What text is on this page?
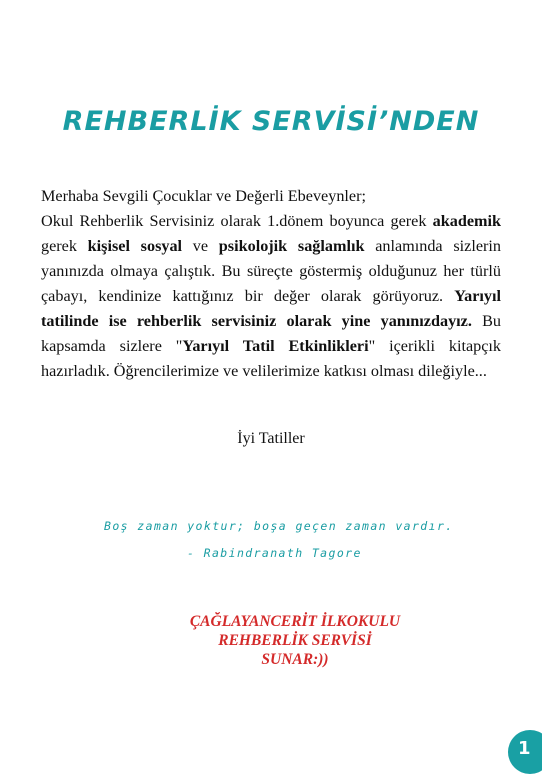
REHBERLİK SERVİSİ’NDEN

Merhaba Sevgili Çocuklar ve Değerli Ebeveynler;

Okul Rehberlik Servisiniz olarak 1.dönem boyunca gerek akademik gerek kişisel sosyal ve psikolojik sağlamlık anlamında sizlerin yanınızda olmaya çalıştık. Bu süreçte göstermiş olduğunuz her türlü çabayı, kendinize kattığınız bir değer olarak görüyoruz. Yarıyıl tatilinde ise rehberlik servisiniz olarak yine yanınızdayız. Bu kapsamda sizlere "Yarıyıl Tatil Etkinlikleri" içerikli kitapçık hazırladık. Öğrencilerimize ve velilerimize katkısı olması dileğiyle...

İyi Tatiller
Boş zaman yoktur; boşa geçen zaman vardır.
- Rabindranath Tagore
ÇAĞLAYANCERİT İLKOKULU
REHBERLİK SERVİSİ
SUNAR:))
1
